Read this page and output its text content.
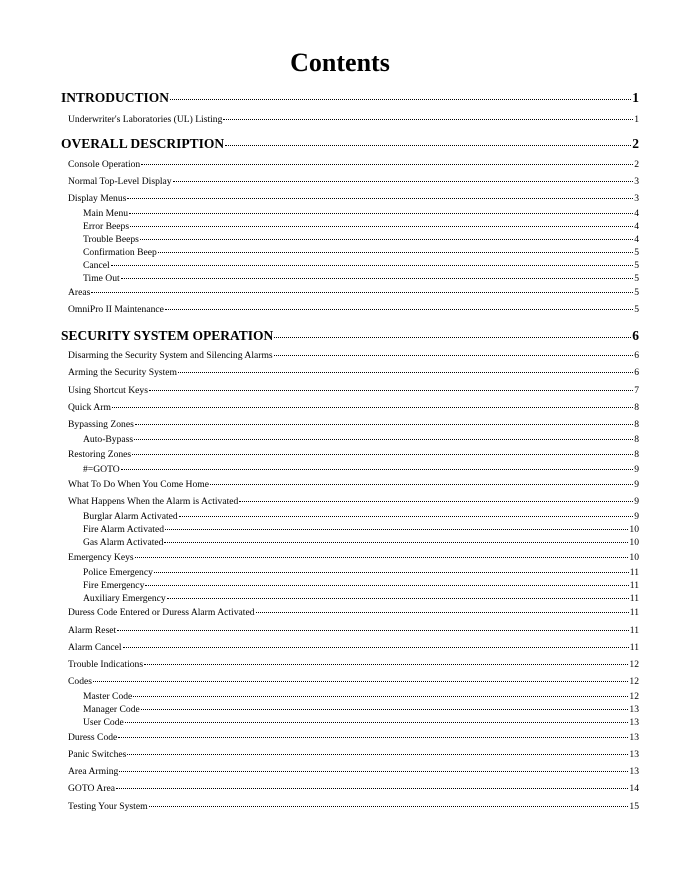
Contents
INTRODUCTION	1
Underwriter's Laboratories (UL) Listing	1
OVERALL DESCRIPTION	2
Console Operation	2
Normal Top-Level Display	3
Display Menus	3
Main Menu	4
Error Beeps	4
Trouble Beeps	4
Confirmation Beep	5
Cancel	5
Time Out	5
Areas	5
OmniPro II Maintenance	5
SECURITY SYSTEM OPERATION	6
Disarming the Security System and Silencing Alarms	6
Arming the Security System	6
Using Shortcut Keys	7
Quick Arm	8
Bypassing Zones	8
Auto-Bypass	8
Restoring Zones	8
#=GOTO	9
What To Do When You Come Home	9
What Happens When the Alarm is Activated	9
Burglar Alarm Activated	9
Fire Alarm Activated	10
Gas Alarm Activated	10
Emergency Keys	10
Police Emergency	11
Fire Emergency	11
Auxiliary Emergency	11
Duress Code Entered or Duress Alarm Activated	11
Alarm Reset	11
Alarm Cancel	11
Trouble Indications	12
Codes	12
Master Code	12
Manager Code	13
User Code	13
Duress Code	13
Panic Switches	13
Area Arming	13
GOTO Area	14
Testing Your System	15
